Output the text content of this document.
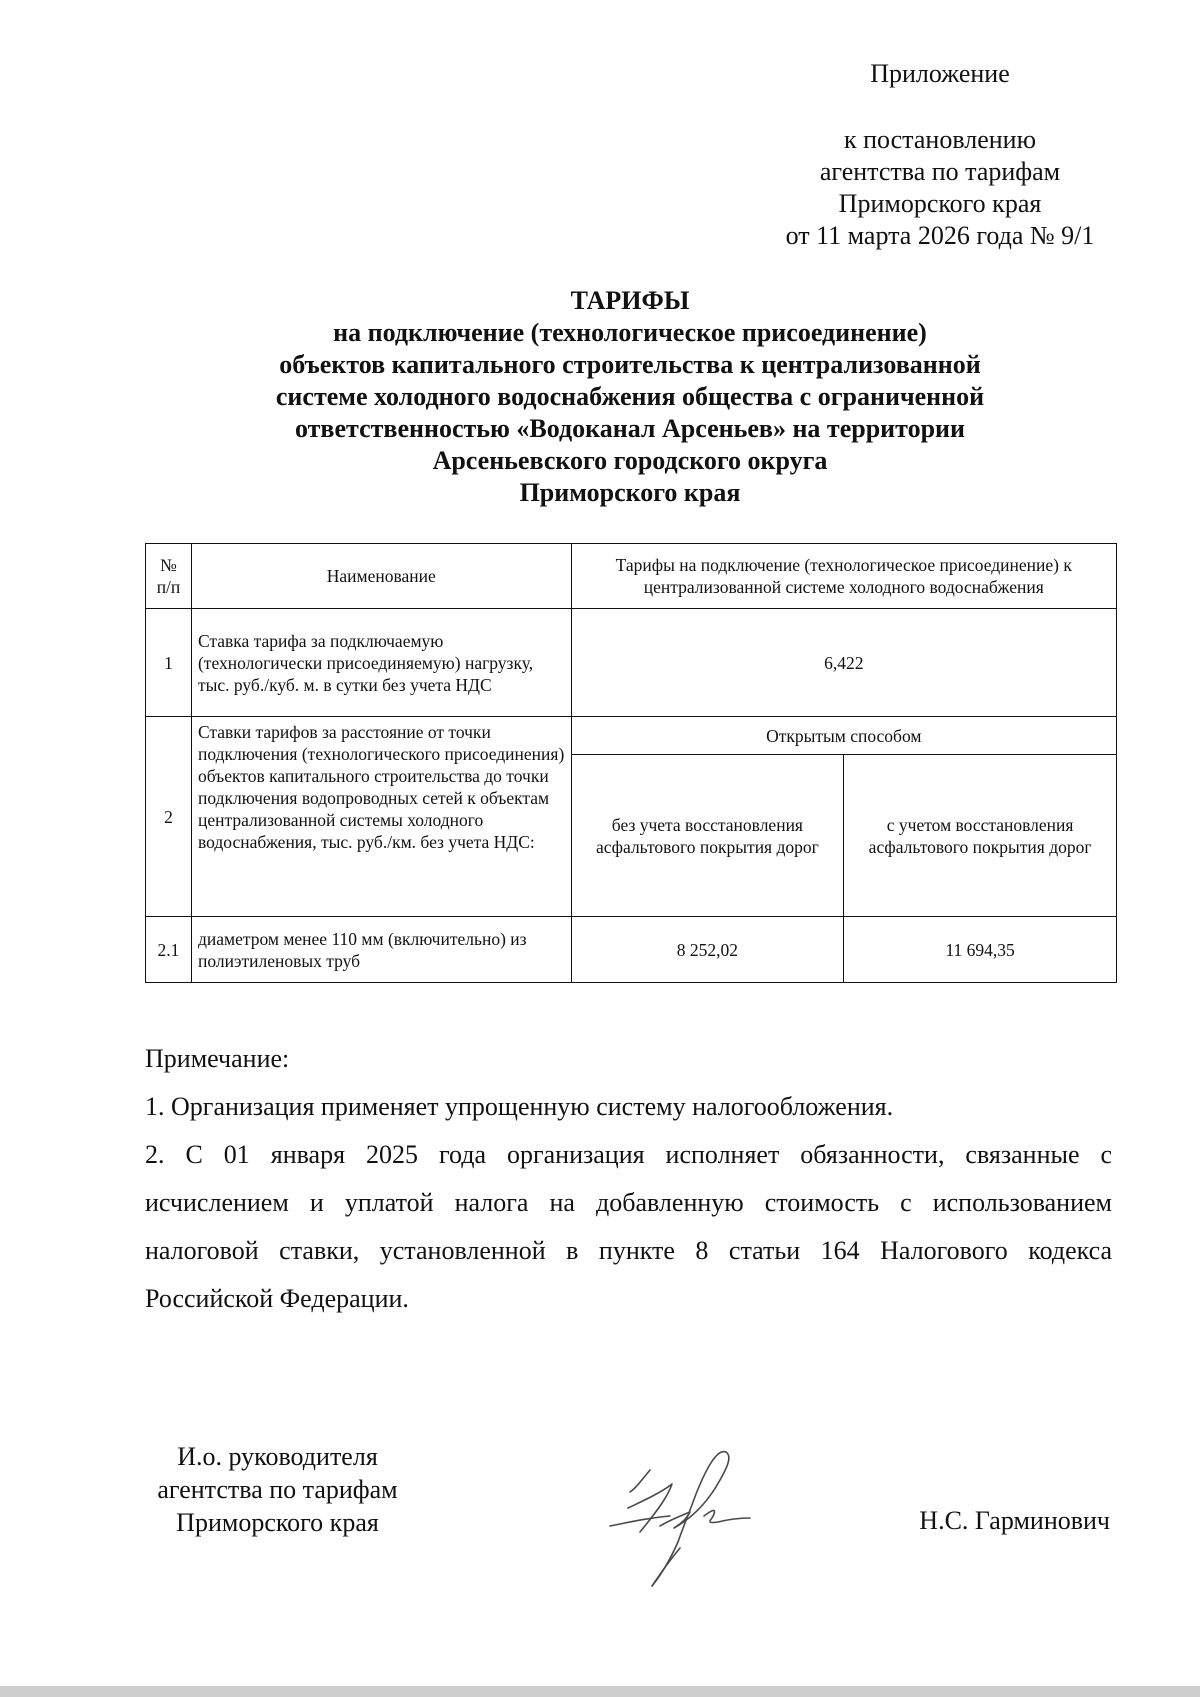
Приложение
к постановлению
агентства по тарифам
Приморского края
от 11 марта 2026 года № 9/1
ТАРИФЫ
на подключение (технологическое присоединение)
объектов капитального строительства к централизованной
системе холодного водоснабжения общества с ограниченной
ответственностью «Водоканал Арсеньев» на территории
Арсеньевского городского округа
Приморского края
№ п/п	Наименование	Тарифы на подключение (технологическое присоединение) к централизованной системе холодного водоснабжения	
1	Ставка тарифа за подключаемую (технологически присоединяемую) нагрузку, тыс. руб./куб. м. в сутки без учета НДС	6,422	
2	Ставки тарифов за расстояние от точки подключения (технологического присоединения) объектов капитального строительства до точки подключения водопроводных сетей к объектам централизованной системы холодного водоснабжения, тыс. руб./км. без учета НДС:	Открытым способом	
		без учета восстановления асфальтового покрытия дорог	с учетом восстановления асфальтового покрытия дорог
2.1	диаметром менее 110 мм (включительно) из полиэтиленовых труб	8 252,02	11 694,35

Примечание:

1. Организация применяет упрощенную систему налогообложения.

2. С 01 января 2025 года организация исполняет обязанности, связанные с исчислением и уплатой налога на добавленную стоимость с использованием налоговой ставки, установленной в пункте 8 статьи 164 Налогового кодекса Российской Федерации.

И.о. руководителя
агентства по тарифам
Приморского края	Н.С. Гарминович
